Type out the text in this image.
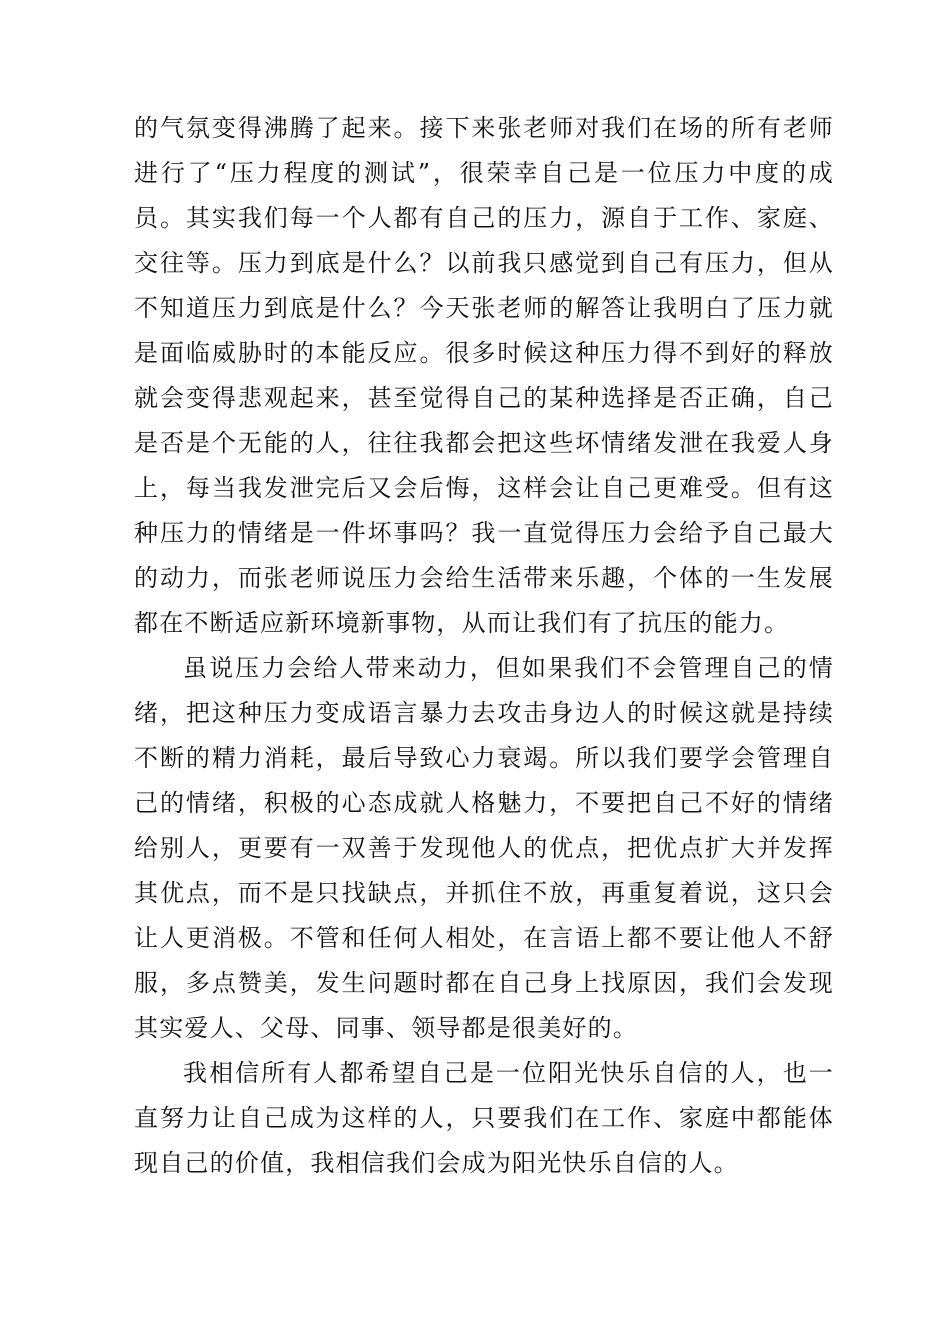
的气氛变得沸腾了起来。接下来张老师对我们在场的所有老师
进行了“压力程度的测试”，很荣幸自己是一位压力中度的成
员。其实我们每一个人都有自己的压力，源自于工作、家庭、
交往等。压力到底是什么？以前我只感觉到自己有压力，但从
不知道压力到底是什么？今天张老师的解答让我明白了压力就
是面临威胁时的本能反应。很多时候这种压力得不到好的释放
就会变得悲观起来，甚至觉得自己的某种选择是否正确，自己
是否是个无能的人，往往我都会把这些坏情绪发泄在我爱人身
上，每当我发泄完后又会后悔，这样会让自己更难受。但有这
种压力的情绪是一件坏事吗？我一直觉得压力会给予自己最大
的动力，而张老师说压力会给生活带来乐趣，个体的一生发展
都在不断适应新环境新事物，从而让我们有了抗压的能力。
虽说压力会给人带来动力，但如果我们不会管理自己的情
绪，把这种压力变成语言暴力去攻击身边人的时候这就是持续
不断的精力消耗，最后导致心力衰竭。所以我们要学会管理自
己的情绪，积极的心态成就人格魅力，不要把自己不好的情绪
给别人，更要有一双善于发现他人的优点，把优点扩大并发挥
其优点，而不是只找缺点，并抓住不放，再重复着说，这只会
让人更消极。不管和任何人相处，在言语上都不要让他人不舒
服，多点赞美，发生问题时都在自己身上找原因，我们会发现
其实爱人、父母、同事、领导都是很美好的。
我相信所有人都希望自己是一位阳光快乐自信的人，也一
直努力让自己成为这样的人，只要我们在工作、家庭中都能体
现自己的价值，我相信我们会成为阳光快乐自信的人。
